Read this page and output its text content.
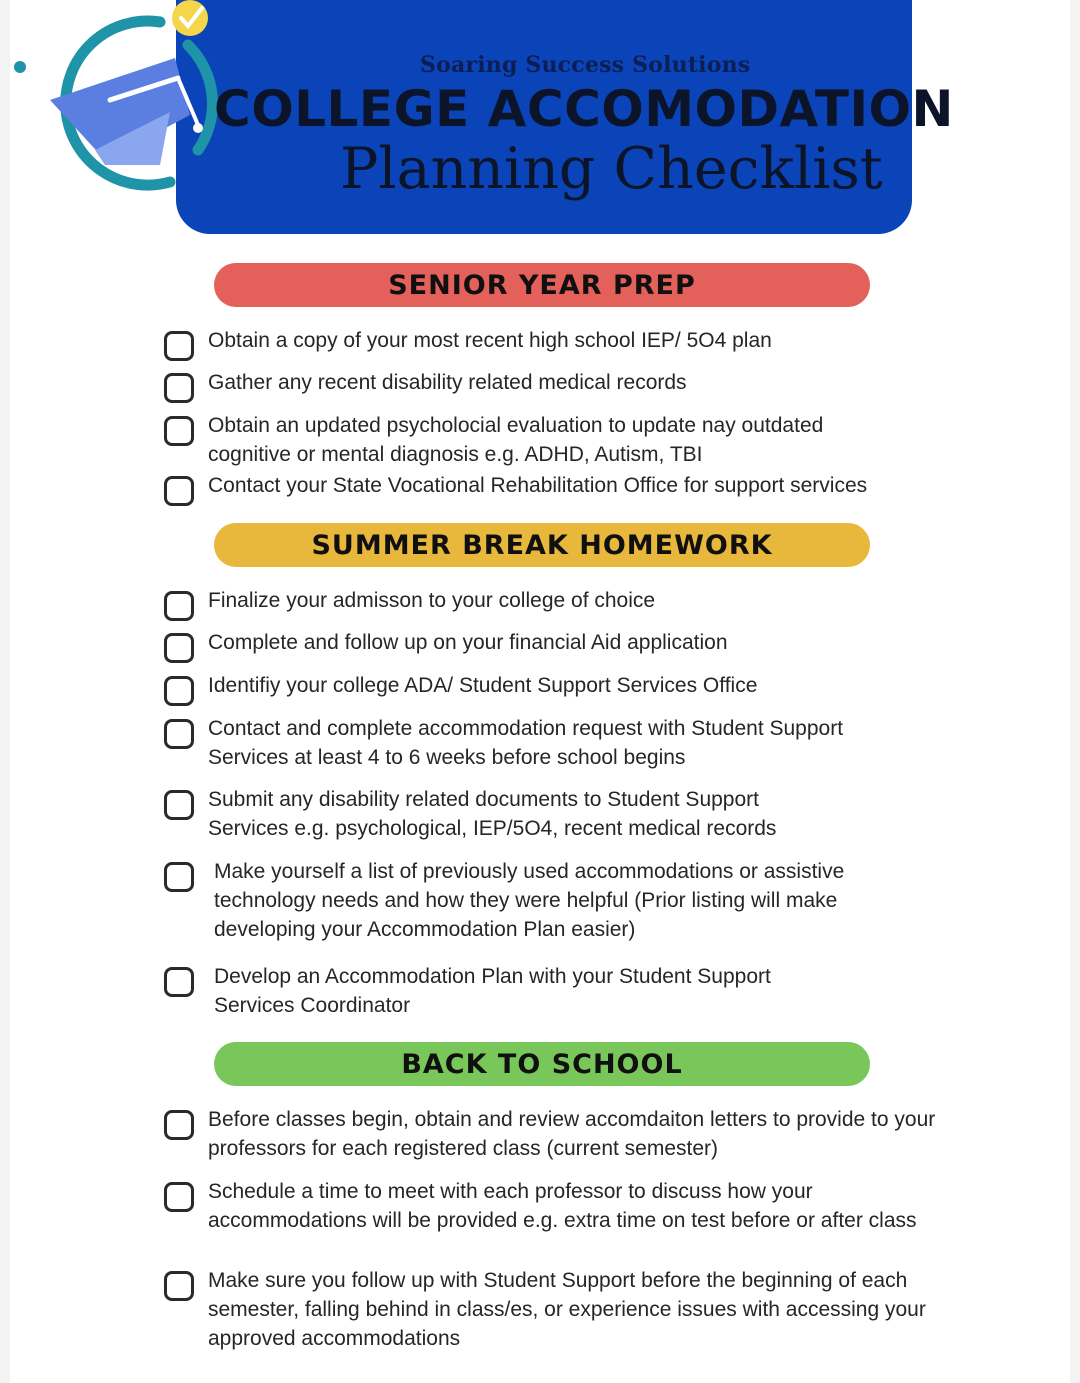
Soaring Success Solutions
COLLEGE ACCOMODATION
Planning Checklist
SENIOR YEAR PREP
Obtain a copy of your most recent high school IEP/ 5O4 plan
Gather any recent disability related medical records
Obtain an updated psycholocial evaluation to update nay outdated cognitive or mental diagnosis e.g. ADHD, Autism, TBI
Contact your State Vocational Rehabilitation Office for support services
SUMMER BREAK HOMEWORK
Finalize your admisson to your college of choice
Complete and follow up on your financial Aid application
Identifiy your college ADA/ Student Support Services Office
Contact and complete accommodation request with Student Support Services at least 4 to 6 weeks before school begins
Submit any disability related documents to Student Support Services e.g. psychological, IEP/5O4, recent medical records
Make yourself a list of previously used accommodations or assistive technology needs and how they were helpful (Prior listing will make developing your Accommodation Plan easier)
Develop an Accommodation Plan with your Student Support Services Coordinator
BACK TO SCHOOL
Before classes begin, obtain and review accomdaiton letters to provide to your professors for each registered class (current semester)
Schedule a time to meet with each professor to discuss how your accommodations will be provided e.g. extra time on test before or after class
Make sure you follow up with Student Support before the beginning of each semester, falling behind in class/es, or experience issues with accessing your approved accommodations
